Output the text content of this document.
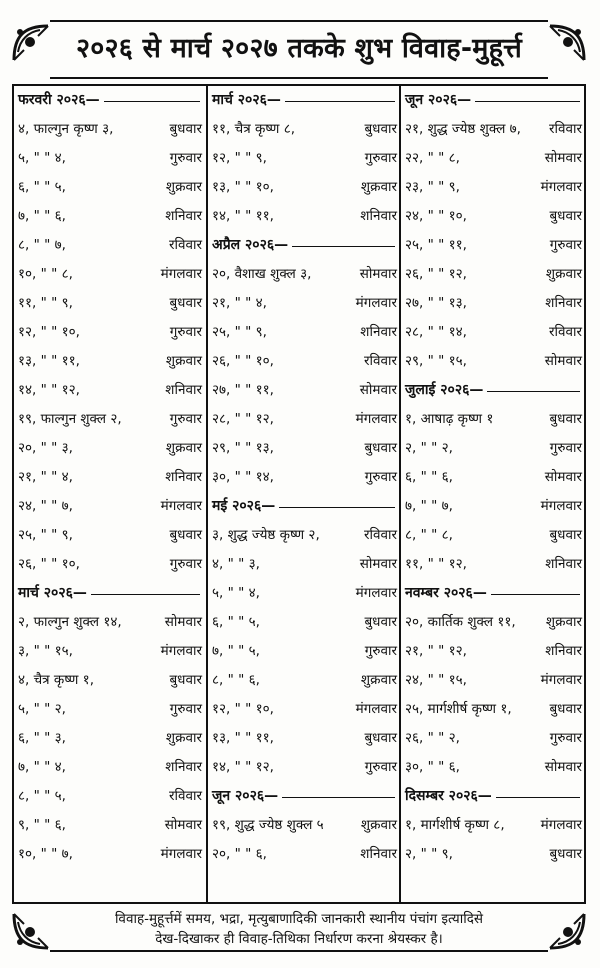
२०२६ से मार्च २०२७ तकके शुभ विवाह-मुहूर्त्त
फरवरी २०२६—
४, फाल्गुन कृष्ण ३,	बुधवार
५, " " ४,	गुरुवार
६, " " ५,	शुक्रवार
७, " " ६,	शनिवार
८, " " ७,	रविवार
१०, " " ८,	मंगलवार
११, " " ९,	बुधवार
१२, " " १०,	गुरुवार
१३, " " ११,	शुक्रवार
१४, " " १२,	शनिवार
१९, फाल्गुन शुक्ल २,	गुरुवार
२०, " " ३,	शुक्रवार
२१, " " ४,	शनिवार
२४, " " ७,	मंगलवार
२५, " " ९,	बुधवार
२६, " " १०,	गुरुवार
मार्च २०२६—
२, फाल्गुन शुक्ल १४,	सोमवार
३, " " १५,	मंगलवार
४, चैत्र कृष्ण १,	बुधवार
५, " " २,	गुरुवार
६, " " ३,	शुक्रवार
७, " " ४,	शनिवार
८, " " ५,	रविवार
९, " " ६,	सोमवार
१०, " " ७,	मंगलवार
मार्च २०२६—
११, चैत्र कृष्ण ८,	बुधवार
१२, " " ९,	गुरुवार
१३, " " १०,	शुक्रवार
१४, " " ११,	शनिवार
अप्रैल २०२६—
२०, वैशाख शुक्ल ३,	सोमवार
२१, " " ४,	मंगलवार
२५, " " ९,	शनिवार
२६, " " १०,	रविवार
२७, " " ११,	सोमवार
२८, " " १२,	मंगलवार
२९, " " १३,	बुधवार
३०, " " १४,	गुरुवार
मई २०२६—
३, शुद्ध ज्येष्ठ कृष्ण २,	रविवार
४, " " ३,	सोमवार
५, " " ४,	मंगलवार
६, " " ५,	बुधवार
७, " " ५,	गुरुवार
८, " " ६,	शुक्रवार
१२, " " १०,	मंगलवार
१३, " " ११,	बुधवार
१४, " " १२,	गुरुवार
जून २०२६—
१९, शुद्ध ज्येष्ठ शुक्ल ५	शुक्रवार
२०, " " ६,	शनिवार
जून २०२६—
२१, शुद्ध ज्येष्ठ शुक्ल ७,	रविवार
२२, " " ८,	सोमवार
२३, " " ९,	मंगलवार
२४, " " १०,	बुधवार
२५, " " ११,	गुरुवार
२६, " " १२,	शुक्रवार
२७, " " १३,	शनिवार
२८, " " १४,	रविवार
२९, " " १५,	सोमवार
जुलाई २०२६—
१, आषाढ़ कृष्ण १	बुधवार
२, " " २,	गुरुवार
६, " " ६,	सोमवार
७, " " ७,	मंगलवार
८, " " ८,	बुधवार
११, " " १२,	शनिवार
नवम्बर २०२६—
२०, कार्तिक शुक्ल ११,	शुक्रवार
२१, " " १२,	शनिवार
२४, " " १५,	मंगलवार
२५, मार्गशीर्ष कृष्ण १,	बुधवार
२६, " " २,	गुरुवार
३०, " " ६,	सोमवार
दिसम्बर २०२६—
१, मार्गशीर्ष कृष्ण ८,	मंगलवार
२, " " ९,	बुधवार
विवाह-मुहूर्त्तमें समय, भद्रा, मृत्युबाणादिकी जानकारी स्थानीय पंचांग इत्यादिसे
देख-दिखाकर ही विवाह-तिथिका निर्धारण करना श्रेयस्कर है।
